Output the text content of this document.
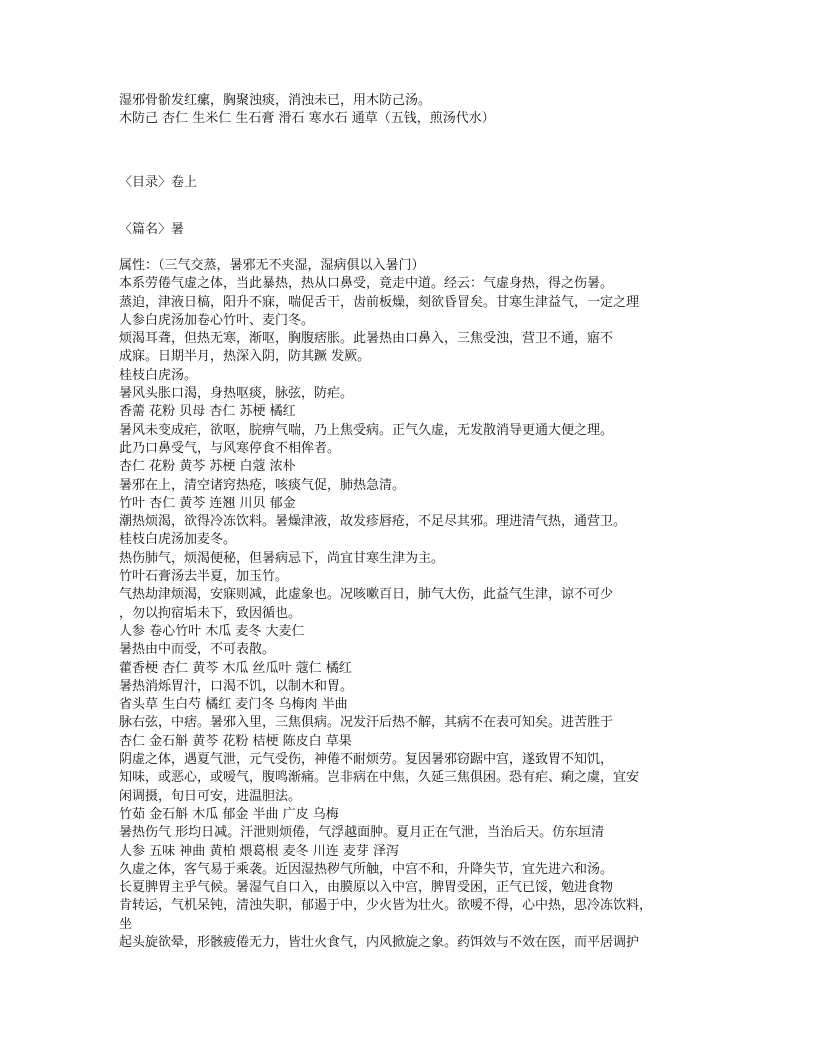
湿邪骨骱发红瘰，胸聚浊痰，消浊未已，用木防己汤。
木防己 杏仁 生米仁 生石膏 滑石 寒水石 通草（五钱，煎汤代水）
〈目录〉卷上
〈篇名〉暑
属性：（三气交蒸，暑邪无不夹湿，湿病俱以入暑门）
本系劳倦气虚之体，当此暴热，热从口鼻受，竟走中道。经云：气虚身热，得之伤暑。
蒸迫，津液日槁，阳升不寐，喘促舌干，齿前板燥，刻欲昏冒矣。甘寒生津益气，一定之理
人参白虎汤加卷心竹叶、麦门冬。
烦渴耳聋，但热无寒，渐呕，胸腹痞胀。此暑热由口鼻入，三焦受浊，营卫不通，寤不
成寐。日期半月，热深入阴，防其蹶 发厥。
桂枝白虎汤。
暑风头胀口渴，身热呕痰，脉弦，防疟。
香薷 花粉 贝母 杏仁 苏梗 橘红
暑风未变成疟，欲呕，脘痹气喘，乃上焦受病。正气久虚，无发散消导更通大便之理。
此乃口鼻受气，与风寒停食不相侔者。
杏仁 花粉 黄芩 苏梗 白蔻 浓朴
暑邪在上，清空诸窍热疮，咳痰气促，肺热急清。
竹叶 杏仁 黄芩 连翘 川贝 郁金
潮热烦渴，欲得冷冻饮料。暑燥津液，故发疹唇疮，不足尽其邪。理进清气热，通营卫。
桂枝白虎汤加麦冬。
热伤肺气，烦渴便秘，但暑病忌下，尚宜甘寒生津为主。
竹叶石膏汤去半夏，加玉竹。
气热劫津烦渴，安寐则减，此虚象也。况咳嗽百日，肺气大伤，此益气生津，谅不可少
，勿以拘宿垢未下，致因循也。
人参 卷心竹叶 木瓜 麦冬 大麦仁
暑热由中而受，不可表散。
藿香梗 杏仁 黄芩 木瓜 丝瓜叶 蔻仁 橘红
暑热消烁胃汁，口渴不饥，以制木和胃。
省头草 生白芍 橘红 麦门冬 乌梅肉 半曲
脉右弦，中痞。暑邪入里，三焦俱病。况发汗后热不解，其病不在表可知矣。进苦胜于
杏仁 金石斛 黄芩 花粉 桔梗 陈皮白 草果
阴虚之体，遇夏气泄，元气受伤，神倦不耐烦劳。复因暑邪窃踞中宫，遂致胃不知饥，
知味，或恶心，或嗳气，腹鸣渐痛。岂非病在中焦，久延三焦俱困。恐有疟、痢之虞，宜安
闲调摄，旬日可安，进温胆法。
竹茹 金石斛 木瓜 郁金 半曲 广皮 乌梅
暑热伤气 形均日减。汗泄则烦倦，气浮越面肿。夏月正在气泄，当治后天。仿东垣清
人参 五味 神曲 黄柏 煨葛根 麦冬 川连 麦芽 泽泻
久虚之体，客气易于乘袭。近因湿热秽气所触，中宫不和，升降失节，宜先进六和汤。
长夏脾胃主乎气候。暑湿气自口入，由膜原以入中宫，脾胃受困，正气已馁，勉进食物
肯转运，气机呆钝，清浊失职，郁遏于中，少火皆为壮火。欲嗳不得，心中热，思冷冻饮料，
坐
起头旋欲晕，形骸疲倦无力，皆壮火食气，内风掀旋之象。药饵效与不效在医，而平居调护
